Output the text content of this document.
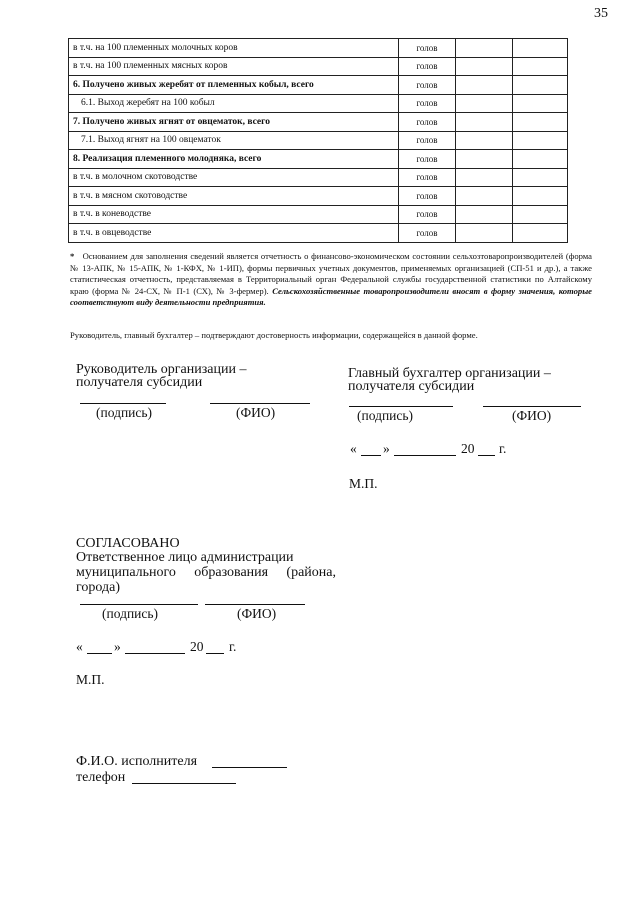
35
в т.ч. на 100 племенных молочных коров	голов		
в т.ч. на 100 племенных мясных коров	голов		
6. Получено живых жеребят от племенных кобыл, всего	голов		
6.1. Выход жеребят на 100 кобыл	голов		
7. Получено живых ягнят от овцематок, всего	голов		
7.1. Выход ягнят на 100 овцематок	голов		
8. Реализация племенного молодняка, всего	голов		
в т.ч. в молочном скотоводстве	голов		
в т.ч. в мясном скотоводстве	голов		
в т.ч. в коневодстве	голов		
в т.ч. в овцеводстве	голов		
* Основанием для заполнения сведений является отчетность о финансово-экономическом состоянии сельхозтоваропроизводителей (форма № 13-АПК, № 15-АПК, № 1-КФХ, № 1-ИП), формы первичных учетных документов, применяемых организацией (СП-51 и др.), а также статистическая отчетность, представляемая в Территориальный орган Федеральной службы государственной статистики по Алтайскому краю (форма № 24-СХ, № П-1 (СХ), № 3-фермер). Сельскохозяйственные товаропроизводители вносят в форму значения, которые соответствуют виду деятельности предприятия.
Руководитель, главный бухгалтер – подтверждают достоверность информации, содержащейся в данной форме.
Руководитель организации –
получателя субсидии
(подпись)	(ФИО)
Главный бухгалтер организации –
получателя субсидии
(подпись)	(ФИО)
« »	20 г.
М.П.
СОГЛАСОВАНО
Ответственное лицо администрации
муниципального образования (района,
города)
(подпись)	(ФИО)
« »	20 г.
М.П.
Ф.И.О. исполнителя
телефон
